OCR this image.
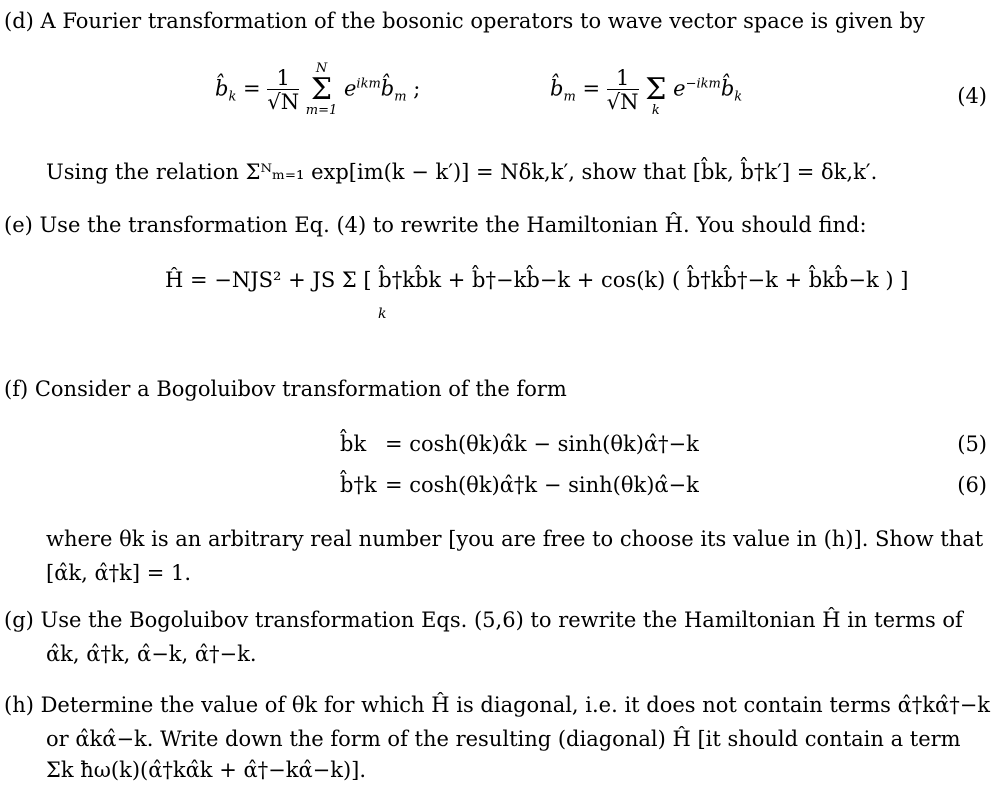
(d) A Fourier transformation of the bosonic operators to wave vector space is given by
$b̂_k = \frac{1}{√N}$
	N
Σ
m=1
$e^{ikm}b̂_m$ ;	$b̂_m = \frac{1}{√N}$

Σ
k
$e^{-ikm}b̂_k$	(4)
Using the relation Σᴺₘ₌₁ exp[im(k − k′)] = Nδk,k′, show that [b̂k, b̂†k′] = δk,k′.
(e) Use the transformation Eq. (4) to rewrite the Hamiltonian Ĥ. You should find:
Ĥ = −NJS² + JS Σ [ b̂†kb̂k + b̂†−kb̂−k + cos(k) ( b̂†kb̂†−k + b̂kb̂−k ) ]
k
(f) Consider a Bogoluibov transformation of the form
b̂k = cosh(θk)α̂k − sinh(θk)α̂†−k	(5)
b̂†k = cosh(θk)α̂†k − sinh(θk)α̂−k	(6)
where θk is an arbitrary real number [you are free to choose its value in (h)]. Show that
[α̂k, α̂†k] = 1.
(g) Use the Bogoluibov transformation Eqs. (5,6) to rewrite the Hamiltonian Ĥ in terms of
α̂k, α̂†k, α̂−k, α̂†−k.
(h) Determine the value of θk for which Ĥ is diagonal, i.e. it does not contain terms α̂†kα̂†−k
or α̂kα̂−k. Write down the form of the resulting (diagonal) Ĥ [it should contain a term
Σk ħω(k)(α̂†kα̂k + α̂†−kα̂−k)].
